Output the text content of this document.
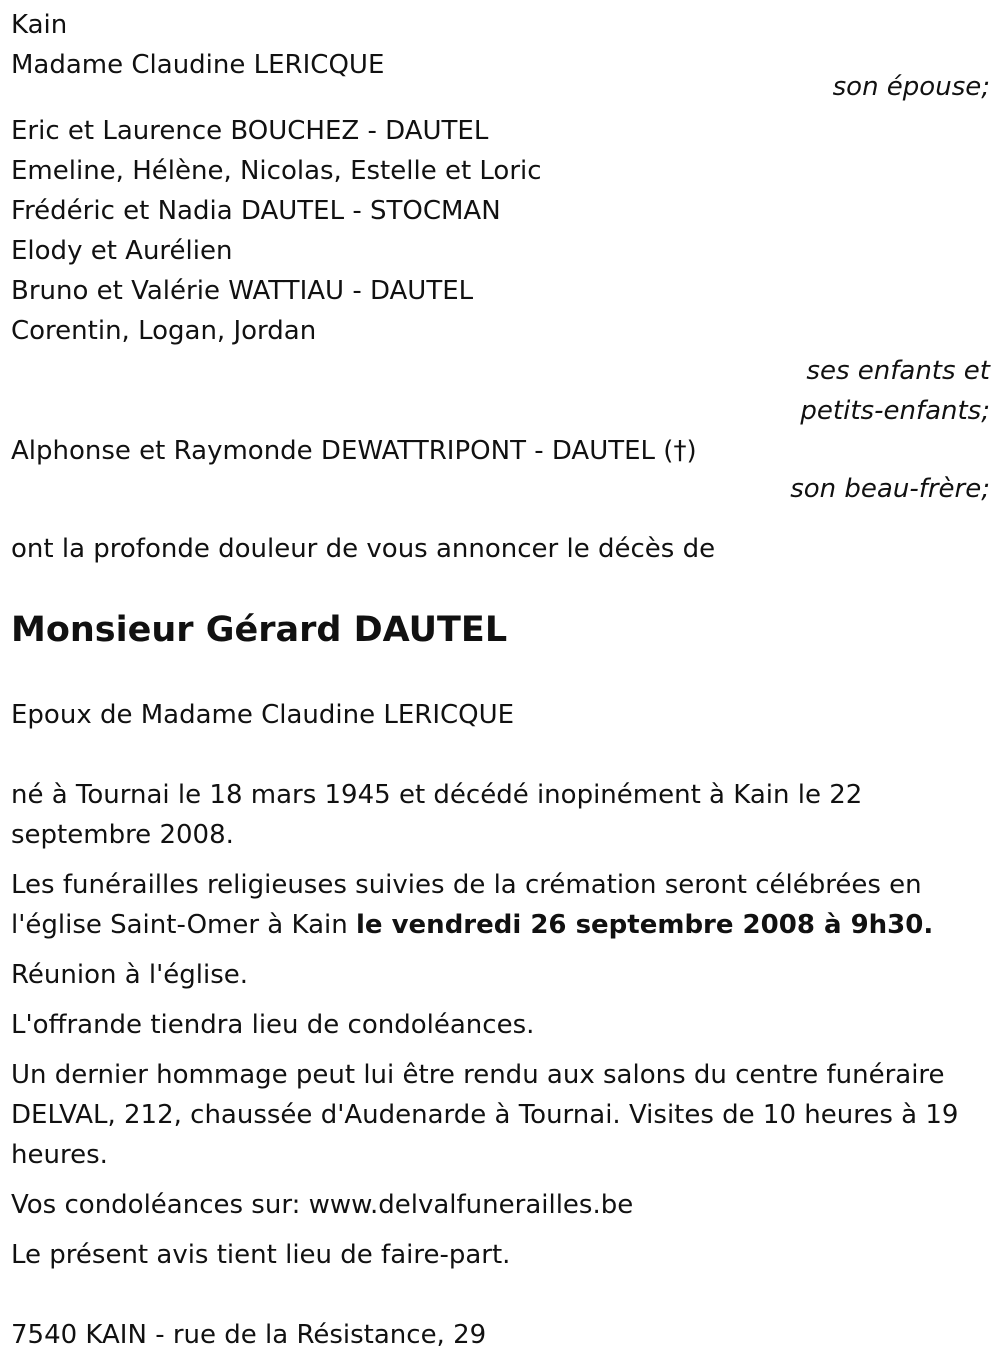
Kain
Madame Claudine LERICQUE
son épouse;
Eric et Laurence BOUCHEZ - DAUTEL
Emeline, Hélène, Nicolas, Estelle et Loric
Frédéric et Nadia DAUTEL - STOCMAN
Elody et Aurélien
Bruno et Valérie WATTIAU - DAUTEL
Corentin, Logan, Jordan
ses enfants et
petits-enfants;
Alphonse et Raymonde DEWATTRIPONT - DAUTEL (†)
son beau-frère;
ont la profonde douleur de vous annoncer le décès de
Monsieur Gérard DAUTEL
Epoux de Madame Claudine LERICQUE
né à Tournai le 18 mars 1945 et décédé inopinément à Kain le 22 septembre 2008.
Les funérailles religieuses suivies de la crémation seront célébrées en l'église Saint-Omer à Kain le vendredi 26 septembre 2008 à 9h30.
Réunion à l'église.
L'offrande tiendra lieu de condoléances.
Un dernier hommage peut lui être rendu aux salons du centre funéraire DELVAL, 212, chaussée d'Audenarde à Tournai. Visites de 10 heures à 19 heures.
Vos condoléances sur: www.delvalfunerailles.be
Le présent avis tient lieu de faire-part.
7540 KAIN - rue de la Résistance, 29
